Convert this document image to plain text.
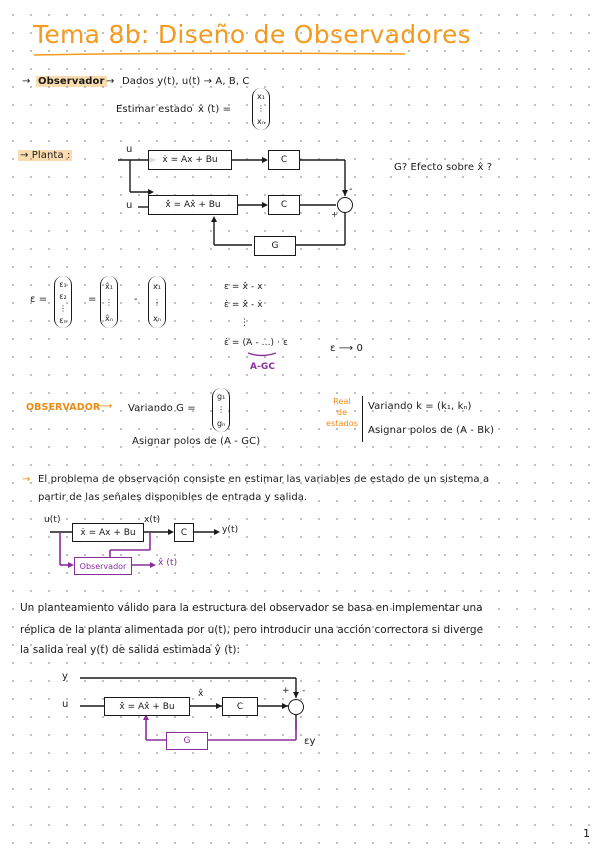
Tema 8b: Diseño de Observadores
→ Observador → Dados y(t), u(t) → A, B, C
Estimar estado x̂ (t) =
x₁
⋮
xₙ
→ Planta :
u
u
ẋ = Ax + Bu	C
x̂̇ = Ax̂ + Bu	C
G
-
+
G? Efecto sobre x̂ ?
ε =
ε₁
ε₂
⋮
εₙ
=
x̂₁
⋮
x̂ₙ
-
x₁
⋮
xₙ
ε = x̂ - x
ε̇ = x̂̇ - ẋ
⋮
ε̇ = (A - ...) · ε
A-GC
ε ⟶ 0
OBSERVADOR
⟶ Variando G =
g₁
⋮
gₙ
Asignar polos de (A - GC)
Real
de
estados
Variando k = (k₁, kₙ)
Asignar polos de (A - Bk)
→ El problema de observación consiste en estimar las variables de estado de un sistema a
partir de las señales disponibles de entrada y salida.
u(t)	x(t)
ẋ = Ax + Bu	C	y(t)
Observador	x̂ (t)
Un planteamiento válido para la estructura del observador se basa en implementar una
réplica de la planta alimentada por u(t), pero introducir una acción correctora si diverge
la salida real y(t) de salida estimada ŷ (t):
y
u	x̂̇ = Ax̂ + Bu
x̂
C
+ -
G	εy
1
